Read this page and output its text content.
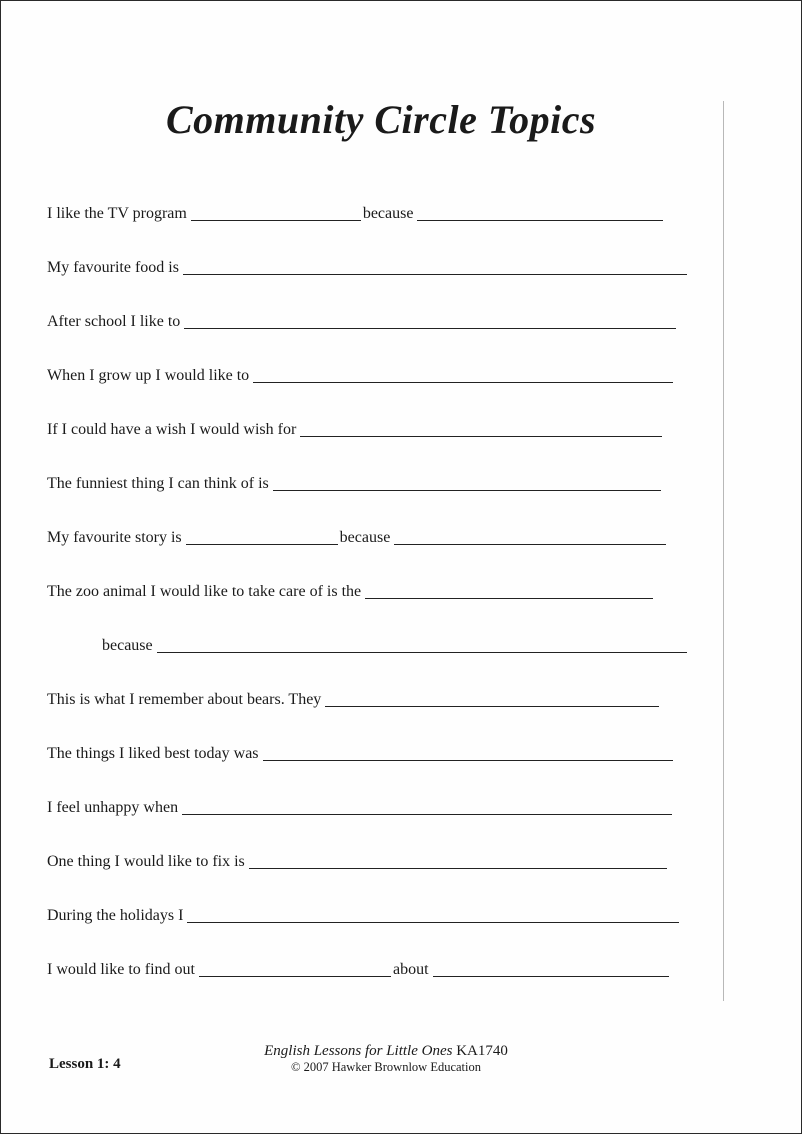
Community Circle Topics
I like the TV program	because
My favourite food is
After school I like to
When I grow up I would like to
If I could have a wish I would wish for
The funniest thing I can think of is
My favourite story is	because
The zoo animal I would like to take care of is the
because
This is what I remember about bears. They
The things I liked best today was
I feel unhappy when
One thing I would like to fix is
During the holidays I
I would like to find out	about
Lesson 1: 4
English Lessons for Little Ones KA1740
© 2007 Hawker Brownlow Education
